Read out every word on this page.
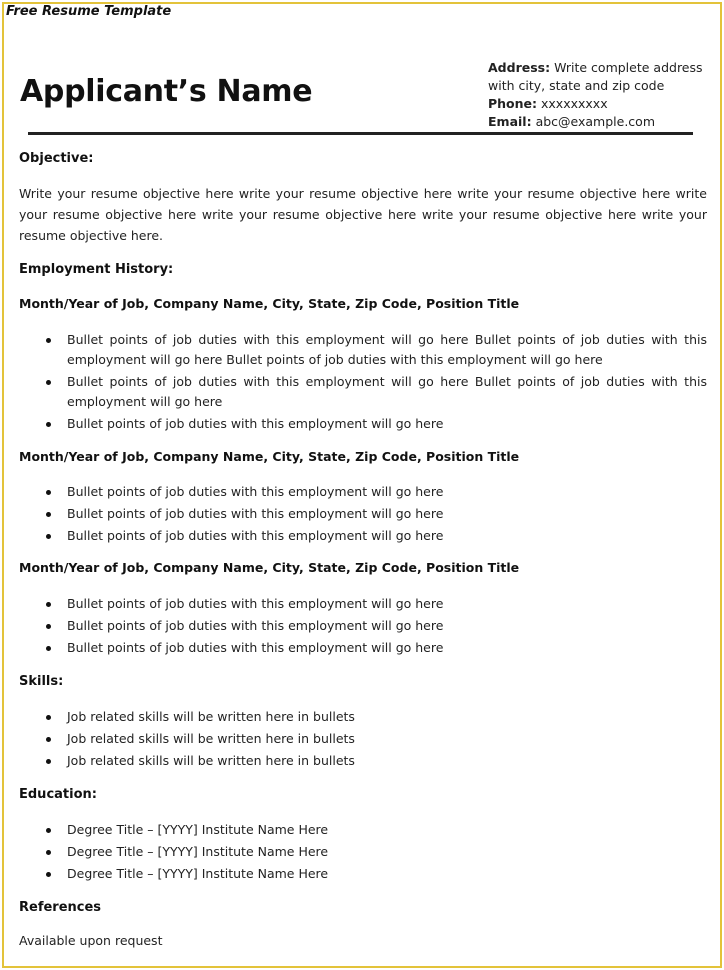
Free Resume Template
Applicant’s Name
Address: Write complete address with city, state and zip code
Phone: xxxxxxxxx
Email: abc@example.com
Objective:
Write your resume objective here write your resume objective here write your resume objective here write your resume objective here write your resume objective here write your resume objective here write your resume objective here.
Employment History:
Month/Year of Job, Company Name, City, State, Zip Code, Position Title
Bullet points of job duties with this employment will go here Bullet points of job duties with this employment will go here Bullet points of job duties with this employment will go here
Bullet points of job duties with this employment will go here Bullet points of job duties with this employment will go here
Bullet points of job duties with this employment will go here
Month/Year of Job, Company Name, City, State, Zip Code, Position Title
Bullet points of job duties with this employment will go here
Bullet points of job duties with this employment will go here
Bullet points of job duties with this employment will go here
Month/Year of Job, Company Name, City, State, Zip Code, Position Title
Bullet points of job duties with this employment will go here
Bullet points of job duties with this employment will go here
Bullet points of job duties with this employment will go here
Skills:
Job related skills will be written here in bullets
Job related skills will be written here in bullets
Job related skills will be written here in bullets
Education:
Degree Title – [YYYY] Institute Name Here
Degree Title – [YYYY] Institute Name Here
Degree Title – [YYYY] Institute Name Here
References
Available upon request
